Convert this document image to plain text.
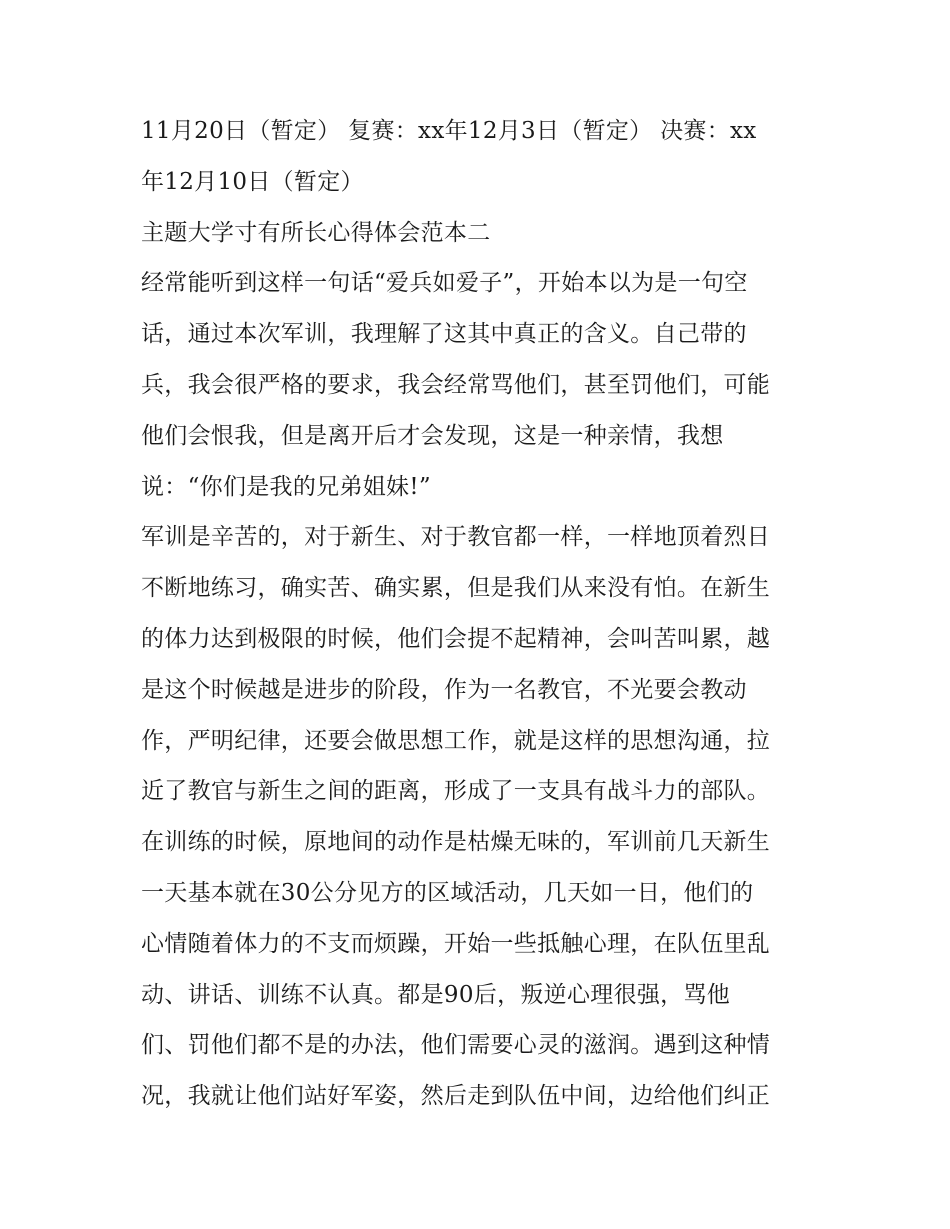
11月20日（暂定） 复赛：xx年12月3日（暂定） 决赛：xx
年12月10日（暂定）
主题大学寸有所长心得体会范本二
经常能听到这样一句话“爱兵如爱子”，开始本以为是一句空
话，通过本次军训，我理解了这其中真正的含义。自己带的
兵，我会很严格的要求，我会经常骂他们，甚至罚他们，可能
他们会恨我，但是离开后才会发现，这是一种亲情，我想
说：“你们是我的兄弟姐妹!”
军训是辛苦的，对于新生、对于教官都一样，一样地顶着烈日
不断地练习，确实苦、确实累，但是我们从来没有怕。在新生
的体力达到极限的时候，他们会提不起精神，会叫苦叫累，越
是这个时候越是进步的阶段，作为一名教官，不光要会教动
作，严明纪律，还要会做思想工作，就是这样的思想沟通，拉
近了教官与新生之间的距离，形成了一支具有战斗力的部队。
在训练的时候，原地间的动作是枯燥无味的，军训前几天新生
一天基本就在30公分见方的区域活动，几天如一日，他们的
心情随着体力的不支而烦躁，开始一些抵触心理，在队伍里乱
动、讲话、训练不认真。都是90后，叛逆心理很强，骂他
们、罚他们都不是的办法，他们需要心灵的滋润。遇到这种情
况，我就让他们站好军姿，然后走到队伍中间，边给他们纠正
